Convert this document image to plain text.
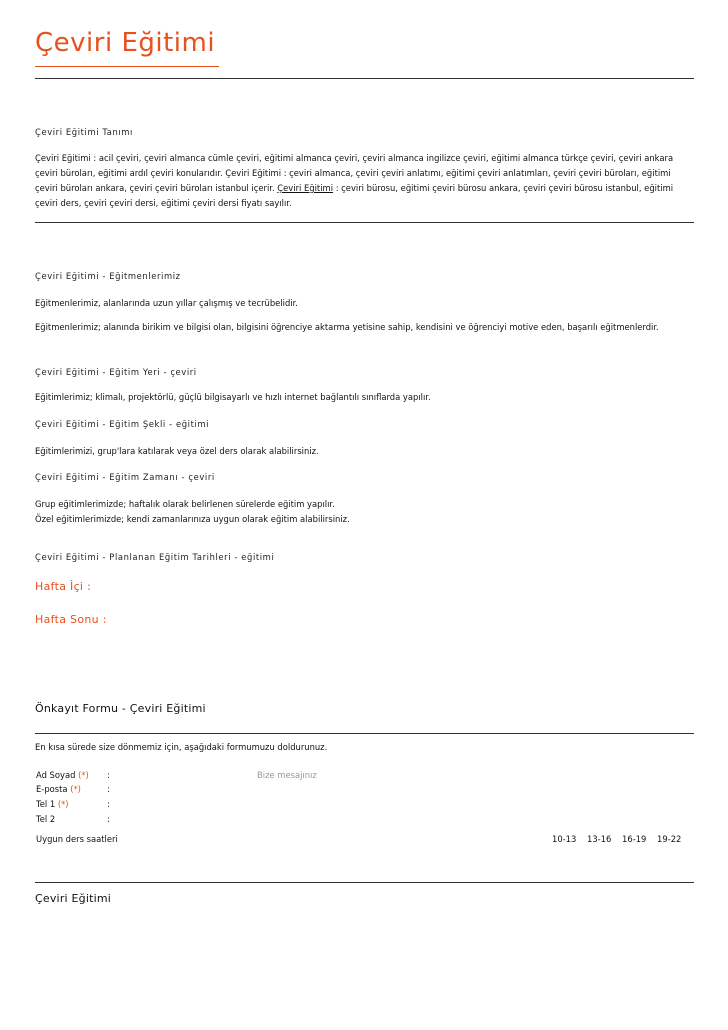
Çeviri Eğitimi
Çeviri Eğitimi Tanımı
Çeviri Eğitimi : acil çeviri, çeviri almanca cümle çeviri, eğitimi almanca çeviri, çeviri almanca ingilizce çeviri, eğitimi almanca türkçe çeviri, çeviri ankara çeviri büroları, eğitimi ardıl çeviri konularıdır. Çeviri Eğitimi : çeviri almanca, çeviri çeviri anlatımı, eğitimi çeviri anlatımları, çeviri çeviri büroları, eğitimi çeviri büroları ankara, çeviri çeviri büroları istanbul içerir. Çeviri Eğitimi : çeviri bürosu, eğitimi çeviri bürosu ankara, çeviri çeviri bürosu istanbul, eğitimi çeviri ders, çeviri çeviri dersi, eğitimi çeviri dersi fiyatı sayılır.
Çeviri Eğitimi - Eğitmenlerimiz
Eğitmenlerimiz, alanlarında uzun yıllar çalışmış ve tecrübelidir.
Eğitmenlerimiz; alanında birikim ve bilgisi olan, bilgisini öğrenciye aktarma yetisine sahip, kendisini ve öğrenciyi motive eden, başarılı eğitmenlerdir.
Çeviri Eğitimi - Eğitim Yeri - çeviri
Eğitimlerimiz; klimalı, projektörlü, güçlü bilgisayarlı ve hızlı internet bağlantılı sınıflarda yapılır.
Çeviri Eğitimi - Eğitim Şekli - eğitimi
Eğitimlerimizi, grup'lara katılarak veya özel ders olarak alabilirsiniz.
Çeviri Eğitimi - Eğitim Zamanı - çeviri
Grup eğitimlerimizde; haftalık olarak belirlenen sürelerde eğitim yapılır.
Özel eğitimlerimizde; kendi zamanlarınıza uygun olarak eğitim alabilirsiniz.
Çeviri Eğitimi - Planlanan Eğitim Tarihleri - eğitimi
Hafta İçi :
Hafta Sonu :
Önkayıt Formu - Çeviri Eğitimi
En kısa sürede size dönmemiz için, aşağıdaki formumuzu doldurunuz.
Ad Soyad (*) :
E-posta (*)	:
Tel 1 (*)	:
Tel 2	:
Bize mesajınız
Uygun ders saatleri	10-13 13-16 16-19 19-22
Çeviri Eğitimi
